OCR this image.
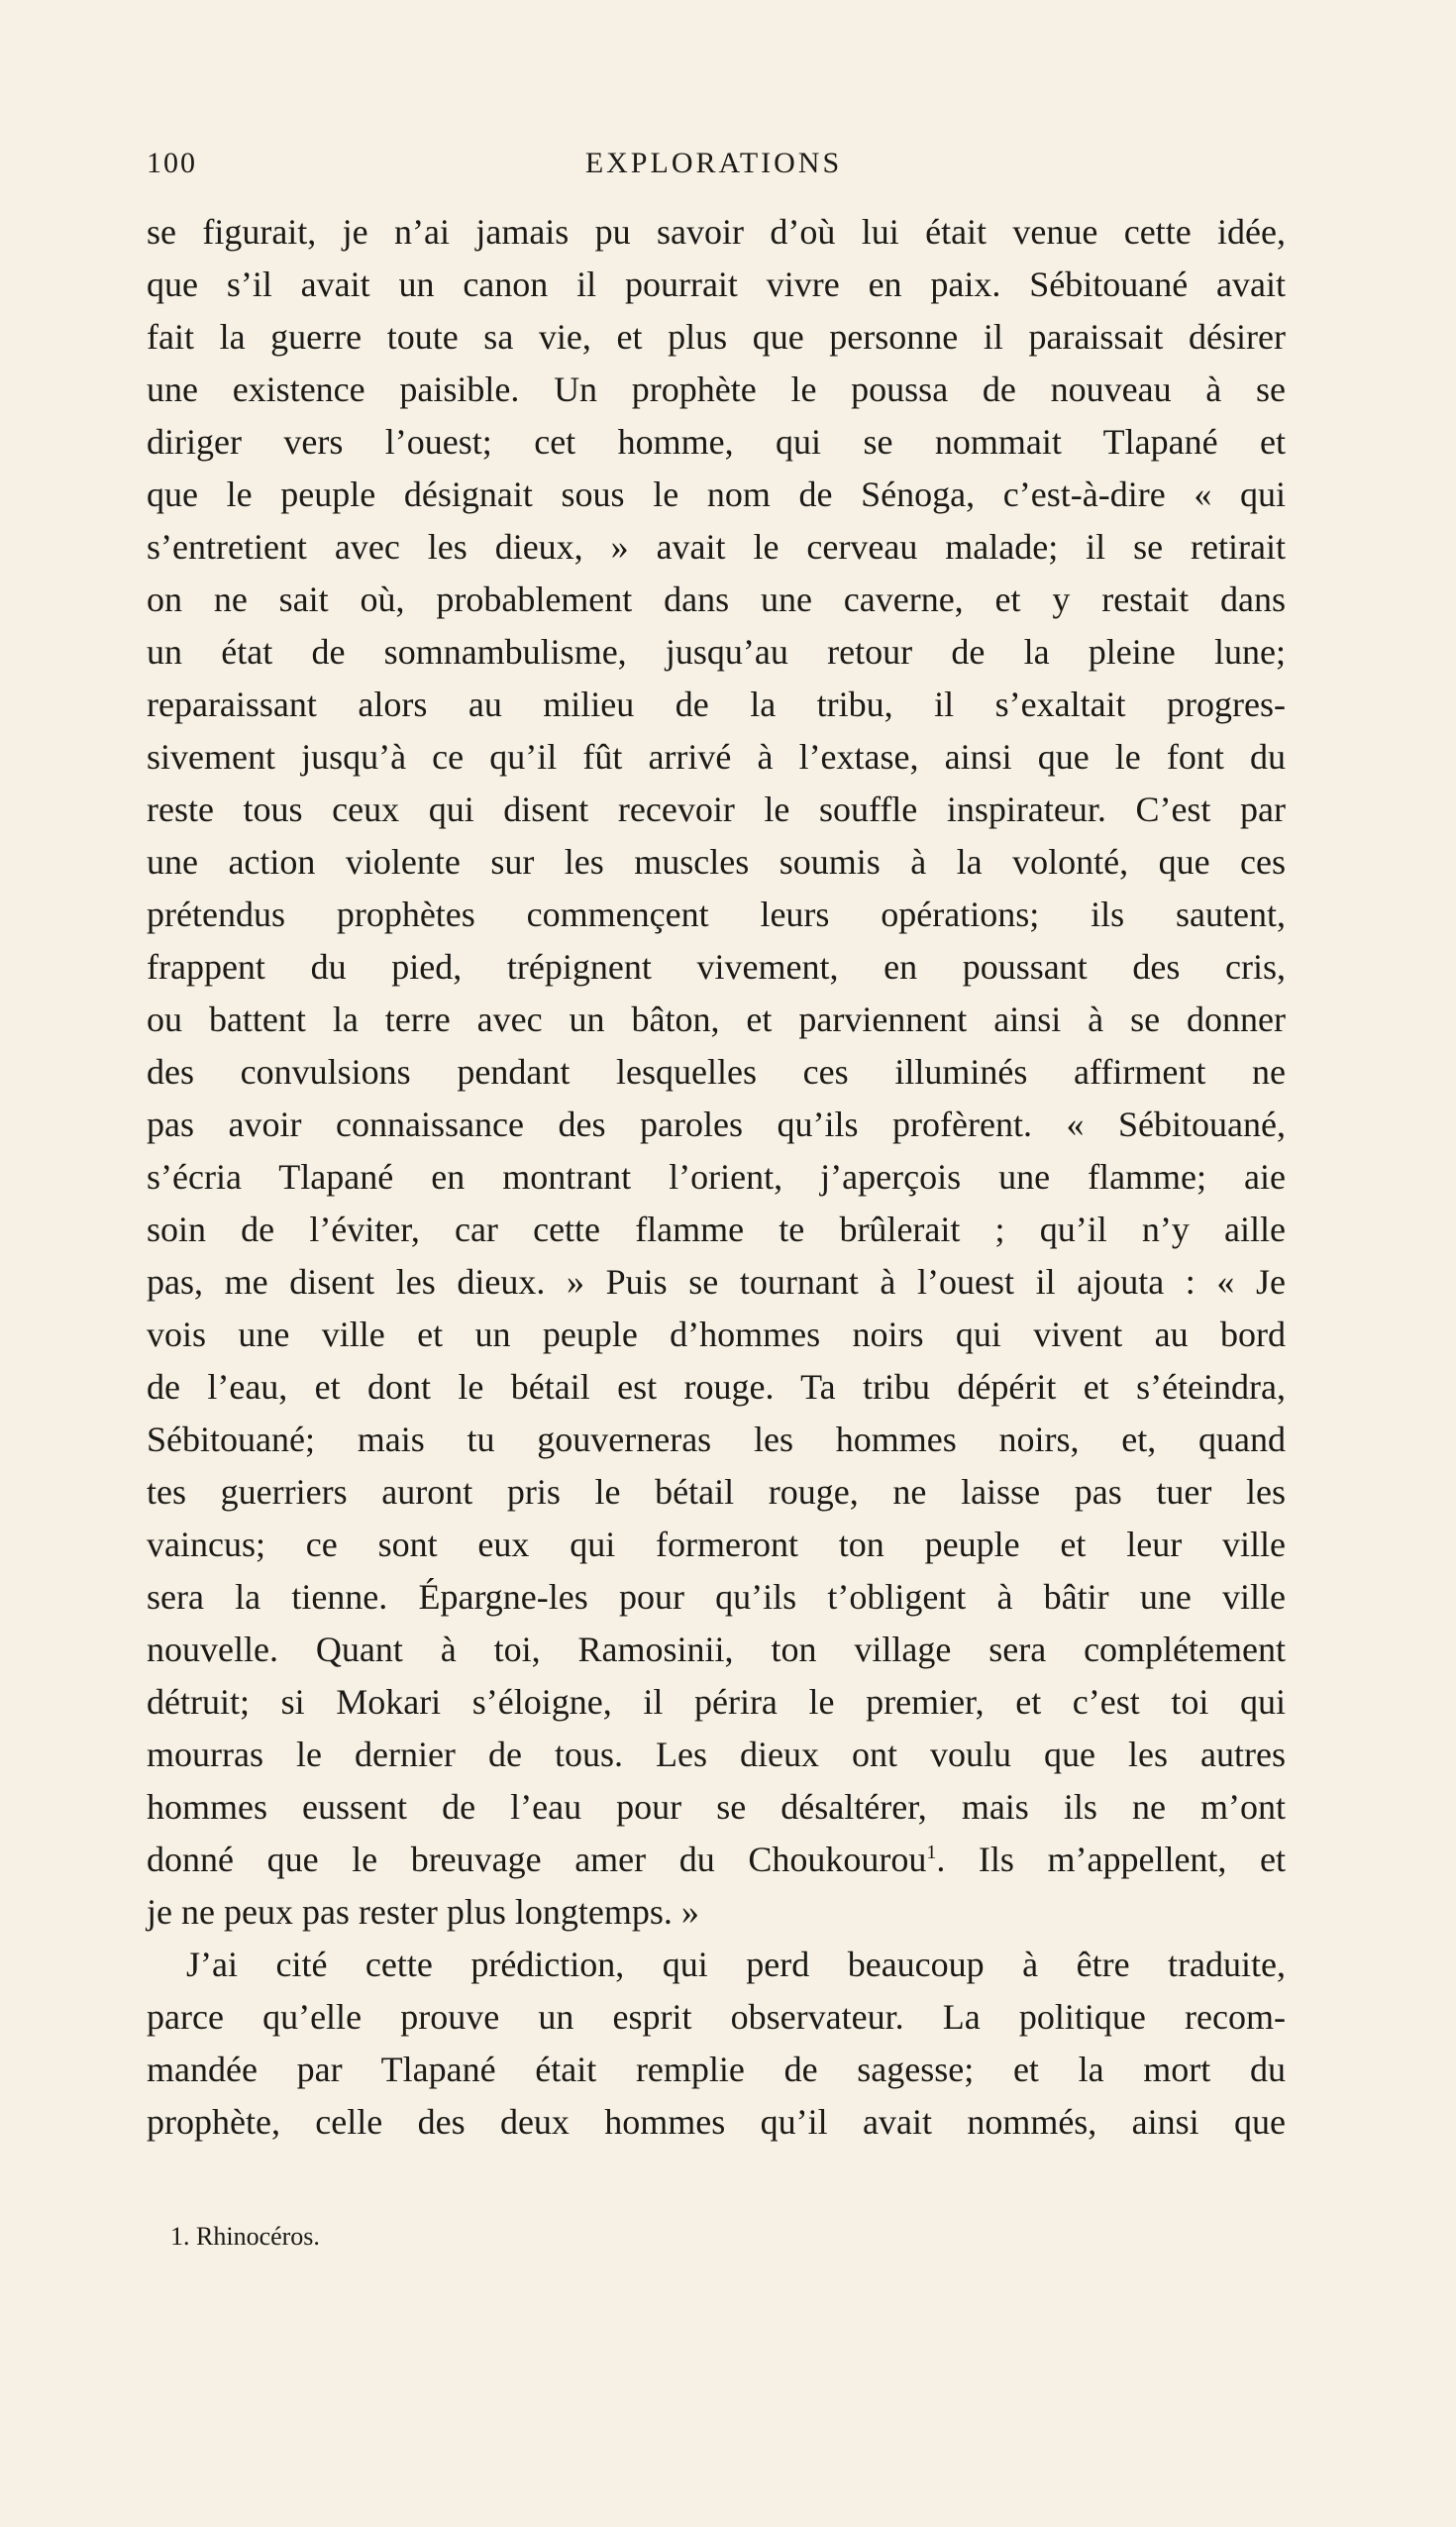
100	EXPLORATIONS
se figurait, je n’ai jamais pu savoir d’où lui était venue cette idée,
que s’il avait un canon il pourrait vivre en paix. Sébitouané avait
fait la guerre toute sa vie, et plus que personne il paraissait désirer
une existence paisible. Un prophète le poussa de nouveau à se
diriger vers l’ouest; cet homme, qui se nommait Tlapané et
que le peuple désignait sous le nom de Sénoga, c’est-à-dire « qui
s’entretient avec les dieux, » avait le cerveau malade; il se retirait
on ne sait où, probablement dans une caverne, et y restait dans
un état de somnambulisme, jusqu’au retour de la pleine lune;
reparaissant alors au milieu de la tribu, il s’exaltait progres-
sivement jusqu’à ce qu’il fût arrivé à l’extase, ainsi que le font du
reste tous ceux qui disent recevoir le souffle inspirateur. C’est par
une action violente sur les muscles soumis à la volonté, que ces
prétendus prophètes commençent leurs opérations; ils sautent,
frappent du pied, trépignent vivement, en poussant des cris,
ou battent la terre avec un bâton, et parviennent ainsi à se donner
des convulsions pendant lesquelles ces illuminés affirment ne
pas avoir connaissance des paroles qu’ils profèrent. « Sébitouané,
s’écria Tlapané en montrant l’orient, j’aperçois une flamme; aie
soin de l’éviter, car cette flamme te brûlerait ; qu’il n’y aille
pas, me disent les dieux. » Puis se tournant à l’ouest il ajouta : « Je
vois une ville et un peuple d’hommes noirs qui vivent au bord
de l’eau, et dont le bétail est rouge. Ta tribu dépérit et s’éteindra,
Sébitouané; mais tu gouverneras les hommes noirs, et, quand
tes guerriers auront pris le bétail rouge, ne laisse pas tuer les
vaincus; ce sont eux qui formeront ton peuple et leur ville
sera la tienne. Épargne-les pour qu’ils t’obligent à bâtir une ville
nouvelle. Quant à toi, Ramosinii, ton village sera complétement
détruit; si Mokari s’éloigne, il périra le premier, et c’est toi qui
mourras le dernier de tous. Les dieux ont voulu que les autres
hommes eussent de l’eau pour se désaltérer, mais ils ne m’ont
donné que le breuvage amer du Choukourou$^1$. Ils m’appellent, et
je ne peux pas rester plus longtemps. »
J’ai cité cette prédiction, qui perd beaucoup à être traduite,
parce qu’elle prouve un esprit observateur. La politique recom-
mandée par Tlapané était remplie de sagesse; et la mort du
prophète, celle des deux hommes qu’il avait nommés, ainsi que
1. Rhinocéros.
